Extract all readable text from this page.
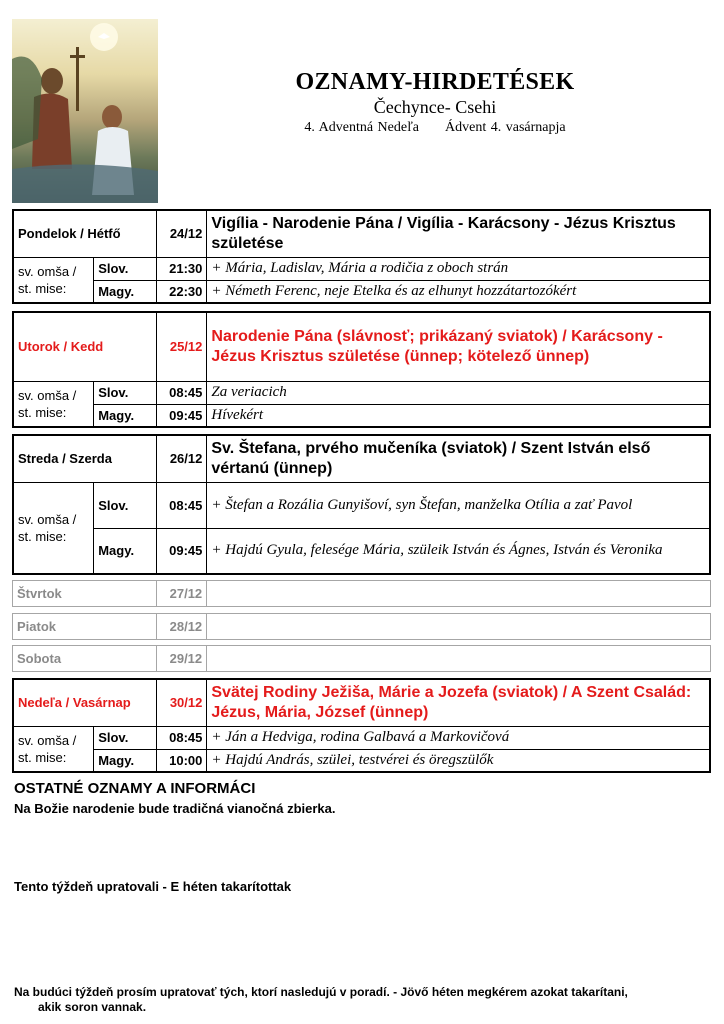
OZNAMY-HIRDETÉSEK
Čechynce- Csehi
4. Adventná Nedeľa Ádvent 4. vasárnapja
Pondelok / Hétfő		24/12	Vigília - Narodenie Pána / Vigília - Karácsony - Jézus Krisztus születése
sv. omša /
st. mise:	Slov.	21:30	+ Mária, Ladislav, Mária a rodičia z oboch strán
	Magy.	22:30	+ Németh Ferenc, neje Etelka és az elhunyt hozzátartozókért
Utorok / Kedd		25/12	Narodenie Pána (slávnosť; prikázaný sviatok) / Karácsony - Jézus Krisztus születése (ünnep; kötelező ünnep)
sv. omša /
st. mise:	Slov.	08:45	Za veriacich
	Magy.	09:45	Hívekért
Streda / Szerda		26/12	Sv. Štefana, prvého mučeníka (sviatok) / Szent István első vértanú (ünnep)
sv. omša /
st. mise:	Slov.	08:45	+ Štefan a Rozália Gunyišoví, syn Štefan, manželka Otília a zať Pavol
	Magy.	09:45	+ Hajdú Gyula, felesége Mária, szüleik István és Ágnes, István és Veronika
Štvrtok	27/12	
Piatok	28/12	
Sobota	29/12	
Nedeľa / Vasárnap		30/12	Svätej Rodiny Ježiša, Márie a Jozefa (sviatok) / A Szent Család: Jézus, Mária, József (ünnep)
sv. omša /
st. mise:	Slov.	08:45	+ Ján a Hedviga, rodina Galbavá a Markovičová
	Magy.	10:00	+ Hajdú András, szülei, testvérei és öregszülők
OSTATNÉ OZNAMY A INFORMÁCI
Na Božie narodenie bude tradičná vianočná zbierka.
Tento týždeň upratovali - E héten takarítottak
Na budúci týždeň prosím upratovať tých, ktorí nasledujú v poradí. - Jövő héten megkérem azokat takarítani,
akik soron vannak.
